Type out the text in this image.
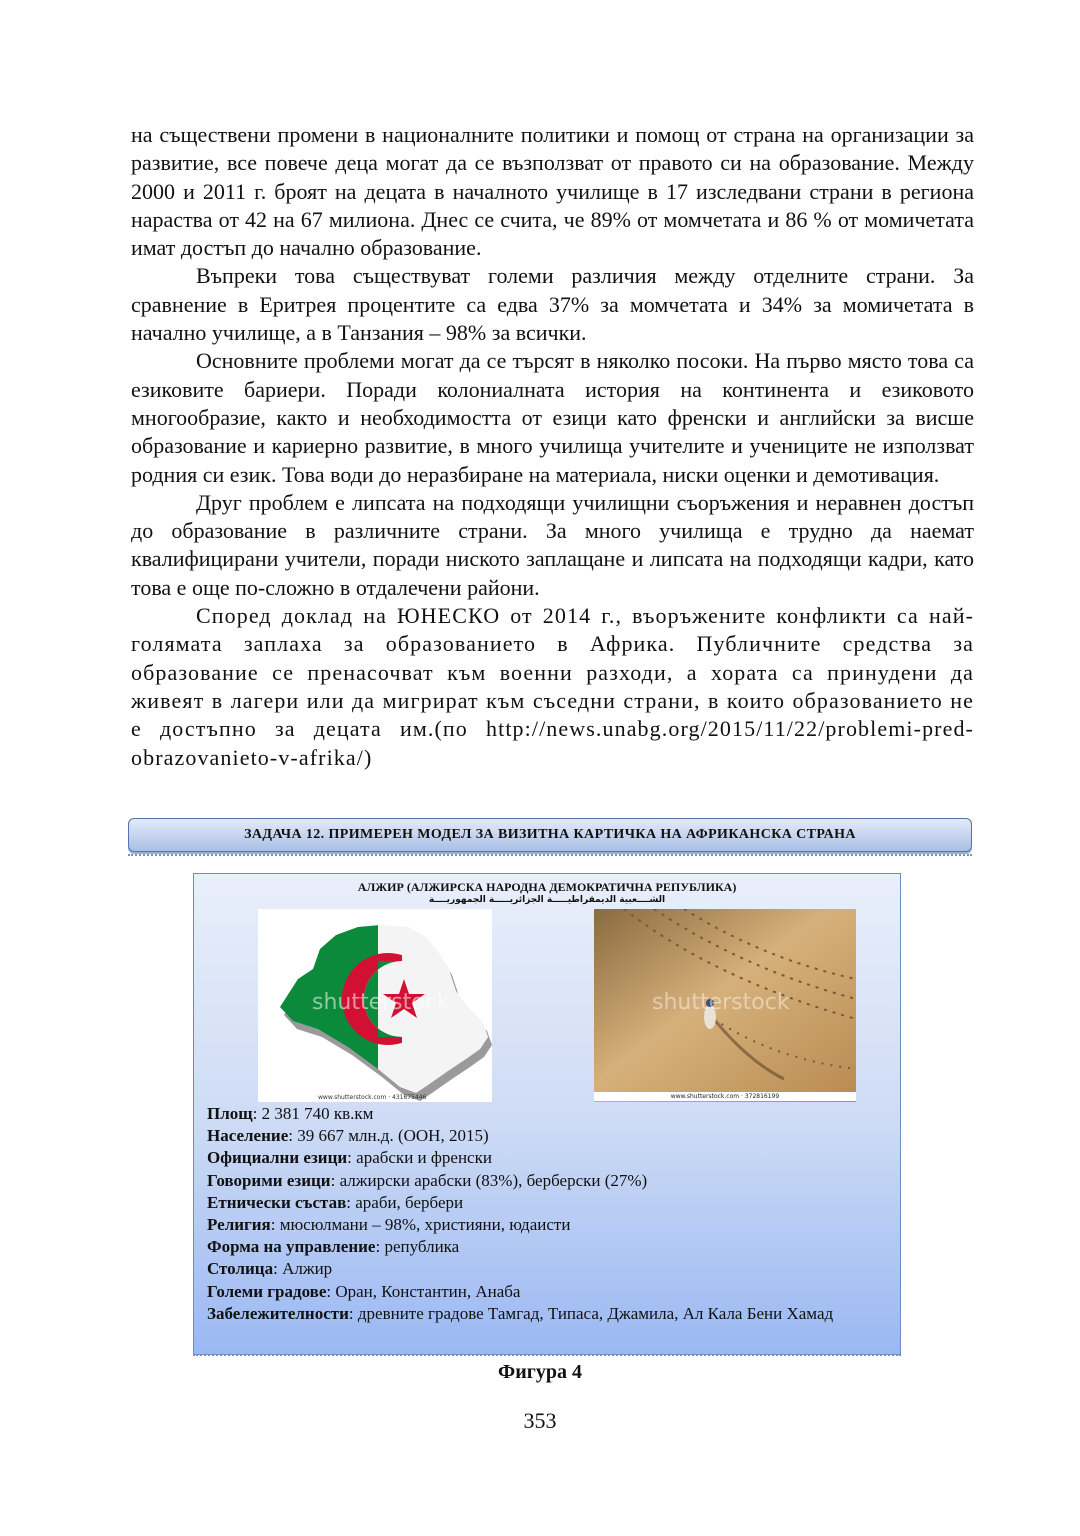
на съществени промени в националните политики и помощ от страна на организации за развитие, все повече деца могат да се възползват от правото си на образование. Между 2000 и 2011 г. броят на децата в началното училище в 17 изследвани страни в региона нараства от 42 на 67 милиона. Днес се счита, че 89% от момчетата и 86 % от момичетата имат достъп до начално образование.

Въпреки това съществуват големи различия между отделните страни. За сравнение в Еритрея процентите са едва 37% за момчетата и 34% за момичетата в начално училище, а в Танзания – 98% за всички.

Основните проблеми могат да се търсят в няколко посоки. На първо място това са езиковите бариери. Поради колониалната история на континента и езиковото многообразие, както и необходимостта от езици като френски и английски за висше образование и кариерно развитие, в много училища учителите и учениците не използват родния си език. Това води до неразбиране на материала, ниски оценки и демотивация.

Друг проблем е липсата на подходящи училищни съоръжения и неравнен достъп до образование в различните страни. За много училища е трудно да наемат квалифицирани учители, поради ниското заплащане и липсата на подходящи кадри, като това е още по-сложно в отдалечени райони.

Според доклад на ЮНЕСКО от 2014 г., въоръжените конфликти са най-голямата заплаха за образованието в Африка. Публичните средства за образование се пренасочват към военни разходи, а хората са принудени да живеят в лагери или да мигрират към съседни страни, в които образованието не е достъпно за децата им.(по http://news.unabg.org/2015/11/22/problemi-pred-obrazovanieto-v-afrika/)

ЗАДАЧА 12. ПРИМЕРЕН МОДЕЛ ЗА ВИЗИТНА КАРТИЧКА НА АФРИКАНСКА СТРАНА
АЛЖИР (АЛЖИРСКА НАРОДНА ДЕМОКРАТИЧНА РЕПУБЛИКА)
الشــــعبية الديمقراطيـــــة الجزائريـــــة الجمهوريــــة
shutterstock
www.shutterstock.com · 431675446
shutterstock
www.shutterstock.com · 372816199

Площ: 2 381 740 кв.км

Население: 39 667 млн.д. (ООН, 2015)

Официални езици: арабски и френски

Говорими езици: алжирски арабски (83%), берберски (27%)

Етнически състав: араби, бербери

Религия: мюсюлмани – 98%, християни, юдаисти

Форма на управление: република

Столица: Алжир

Големи градове: Оран, Константин, Анаба

Забележителности: древните градове Тамгад, Типаса, Джамила, Ал Кала Бени Хамад

Фигура 4
353
